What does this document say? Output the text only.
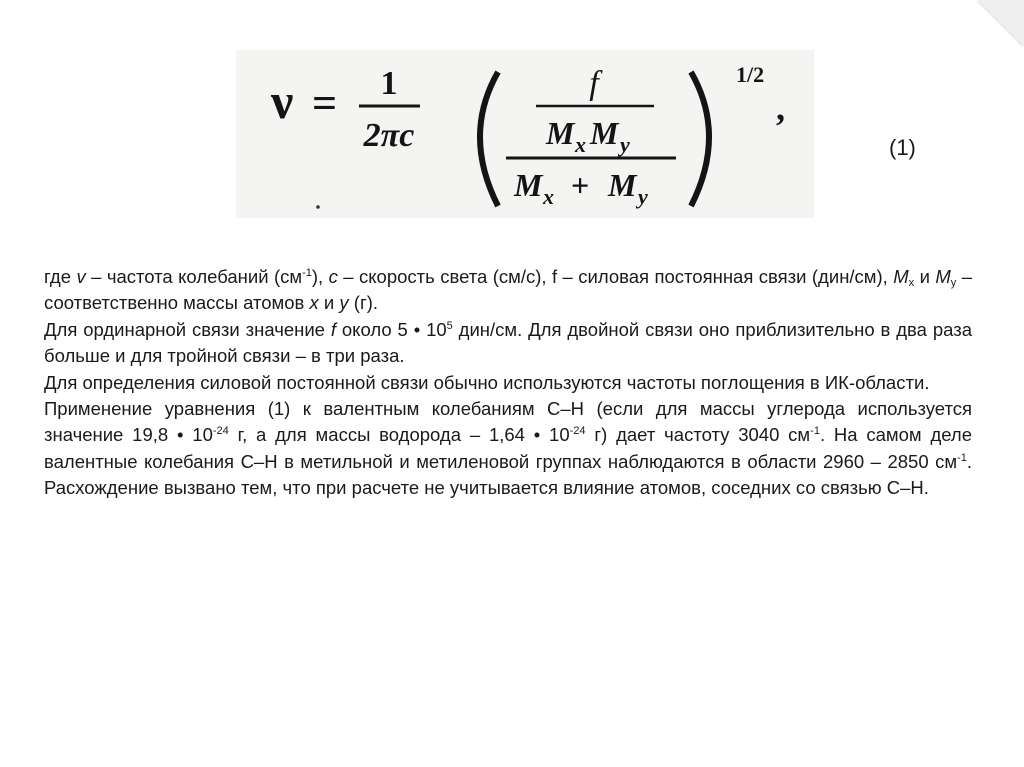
ν = 1
2πc
f
M x M y
M x + M y
1/2
,
(1)

где v – частота колебаний $(см^{-1})$, с – скорость света (см/с), f – силовая постоянная связи (дин/см), $M_x$ и $M_y$ – соответственно массы атомов x и y (г).

Для ординарной связи значение f около 5 • $10^5$ дин/см. Для двойной связи оно приблизительно в два раза больше и для тройной связи – в три раза.

Для определения силовой постоянной связи обычно используются частоты поглощения в ИК-области.

Применение уравнения (1) к валентным колебаниям С–Н (если для массы углерода используется значение 19,8 • $10^{-24}$ г, а для массы водорода – 1,64 • $10^{-24}$ г) дает частоту 3040 $см^{-1}$. На самом деле валентные колебания С–Н в метильной и метиленовой группах наблюдаются в области 2960 – 2850 $см^{-1}$. Расхождение вызвано тем, что при расчете не учитывается влияние атомов, соседних со связью С–Н.
